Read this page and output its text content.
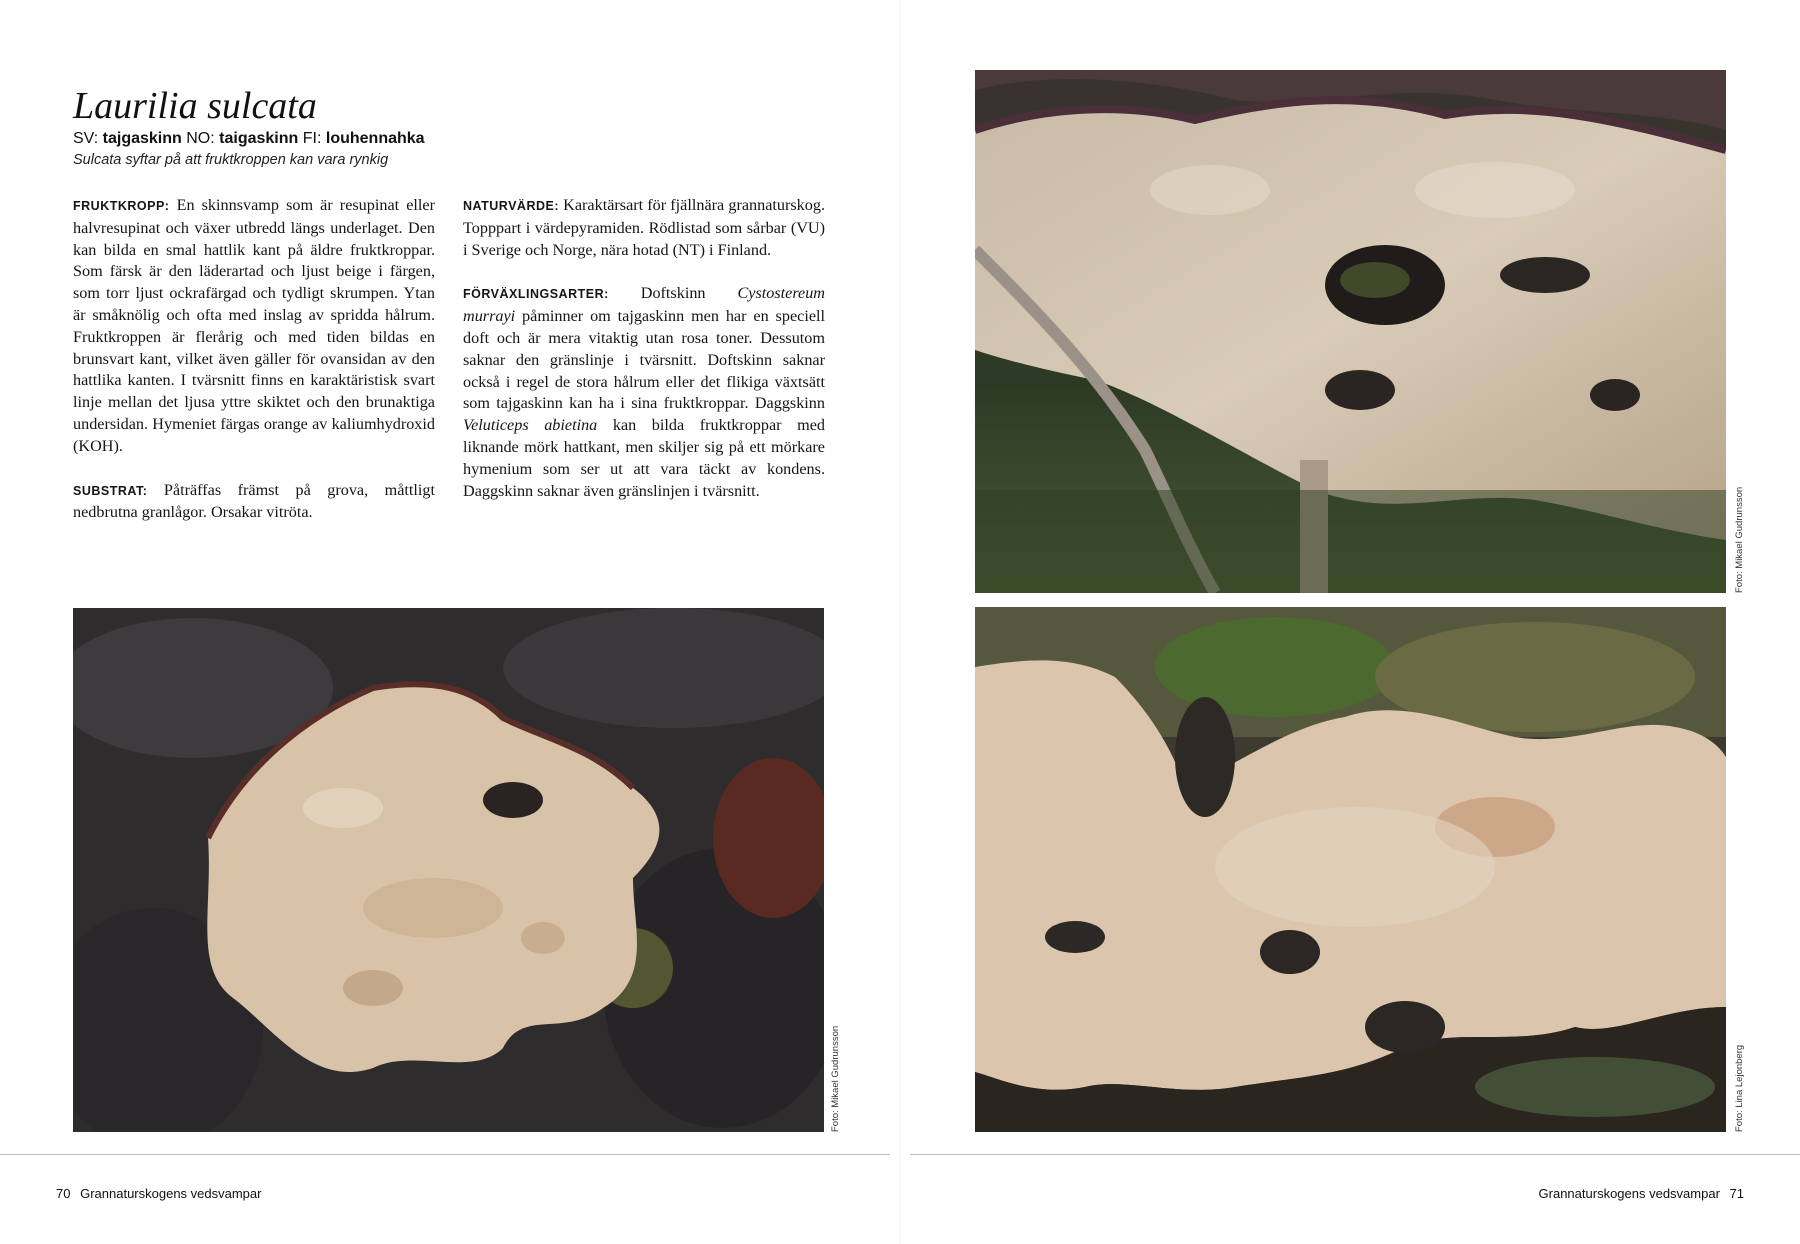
Laurilia sulcata
SV: tajgaskinn NO: taigaskinn FI: louhennahka
Sulcata syftar på att fruktkroppen kan vara rynkig

FRUKTKROPP: En skinnsvamp som är resupinat eller halvresupinat och växer utbredd längs underlaget. Den kan bilda en smal hattlik kant på äldre fruktkroppar. Som färsk är den läderartad och ljust beige i färgen, som torr ljust ockrafärgad och tydligt skrumpen. Ytan är småknölig och ofta med inslag av spridda hålrum. Fruktkroppen är flerårig och med tiden bildas en brunsvart kant, vilket även gäller för ovansidan av den hattlika kanten. I tvärsnitt finns en karaktäristisk svart linje mellan det ljusa yttre skiktet och den brunaktiga undersidan. Hymeniet färgas orange av kaliumhydroxid (KOH).

SUBSTRAT: Påträffas främst på grova, måttligt nedbrutna granlågor. Orsakar vitröta.

NATURVÄRDE: Karaktärsart för fjällnära grannaturskog. Topppart i värdepyramiden. Rödlistad som sårbar (VU) i Sverige och Norge, nära hotad (NT) i Finland.

FÖRVÄXLINGSARTER: Doftskinn Cystostereum murrayi påminner om tajgaskinn men har en speciell doft och är mera vitaktig utan rosa toner. Dessutom saknar den gränslinje i tvärsnitt. Doftskinn saknar också i regel de stora hålrum eller det flikiga växtsätt som tajgaskinn kan ha i sina fruktkroppar. Daggskinn Veluticeps abietina kan bilda fruktkroppar med liknande mörk hattkant, men skiljer sig på ett mörkare hymenium som ser ut att vara täckt av kondens. Daggskinn saknar även gränslinjen i tvärsnitt.	Foto: Mikael Gudrunsson
Foto: Mikael Gudrunsson	Foto: Lina Lejonberg
70 Grannaturskogens vedsvampar	Grannaturskogens vedsvampar 71
